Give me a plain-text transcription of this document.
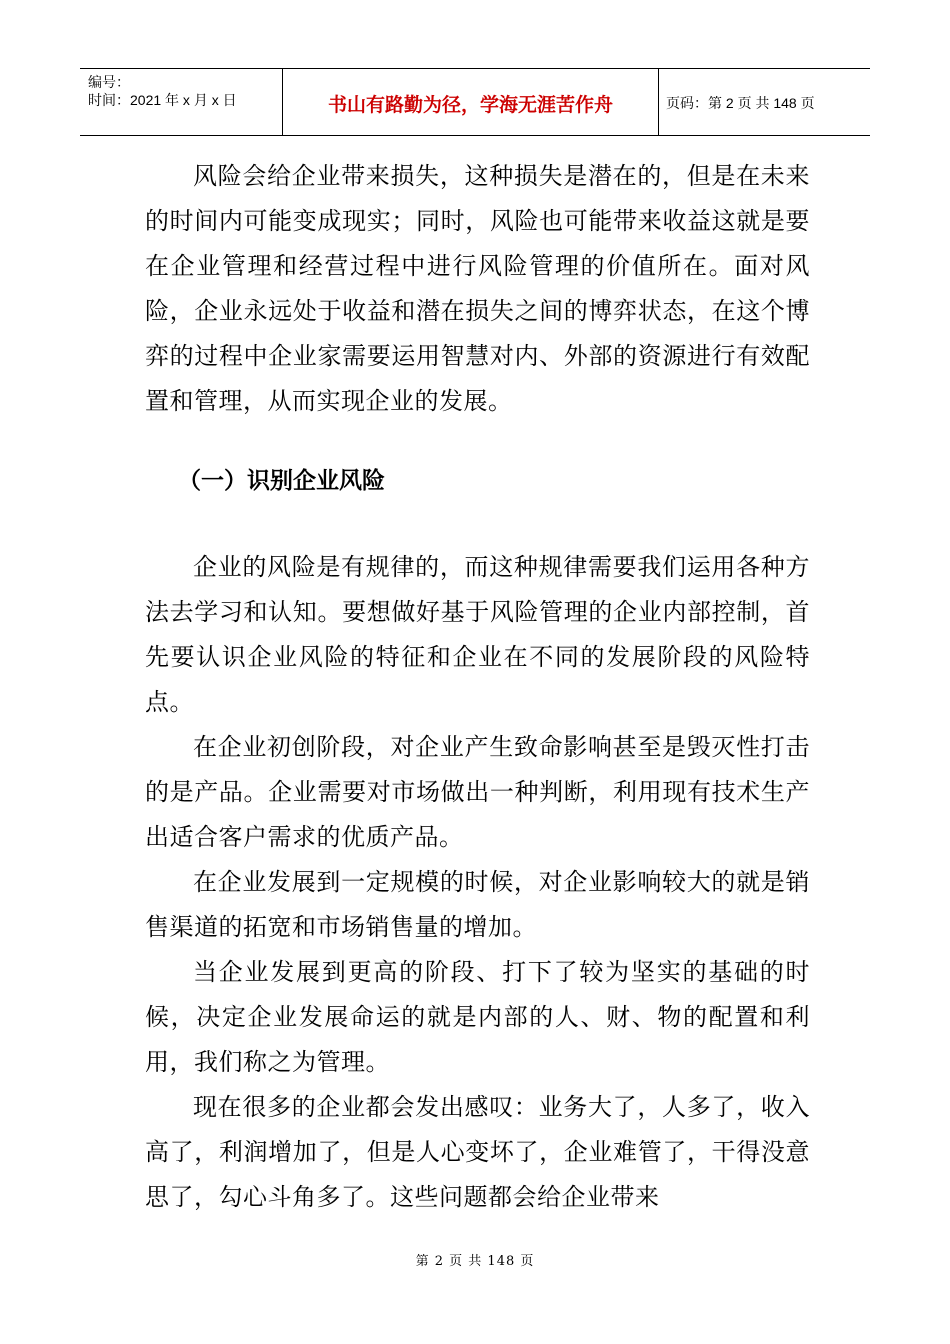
编号：
时间：2021 年 x 月 x 日	书山有路勤为径，学海无涯苦作舟	页码：第 2 页 共 148 页

风险会给企业带来损失，这种损失是潜在的，但是在未来的时间内可能变成现实；同时，风险也可能带来收益这就是要在企业管理和经营过程中进行风险管理的价值所在。面对风险，企业永远处于收益和潜在损失之间的博弈状态，在这个博弈的过程中企业家需要运用智慧对内、外部的资源进行有效配置和管理，从而实现企业的发展。

（一）识别企业风险

企业的风险是有规律的，而这种规律需要我们运用各种方法去学习和认知。要想做好基于风险管理的企业内部控制，首先要认识企业风险的特征和企业在不同的发展阶段的风险特点。

在企业初创阶段，对企业产生致命影响甚至是毁灭性打击的是产品。企业需要对市场做出一种判断，利用现有技术生产出适合客户需求的优质产品。

在企业发展到一定规模的时候，对企业影响较大的就是销售渠道的拓宽和市场销售量的增加。

当企业发展到更高的阶段、打下了较为坚实的基础的时候，决定企业发展命运的就是内部的人、财、物的配置和利用，我们称之为管理。

现在很多的企业都会发出感叹：业务大了，人多了，收入高了，利润增加了，但是人心变坏了，企业难管了，干得没意思了，勾心斗角多了。这些问题都会给企业带来

第 2 页 共 148 页
